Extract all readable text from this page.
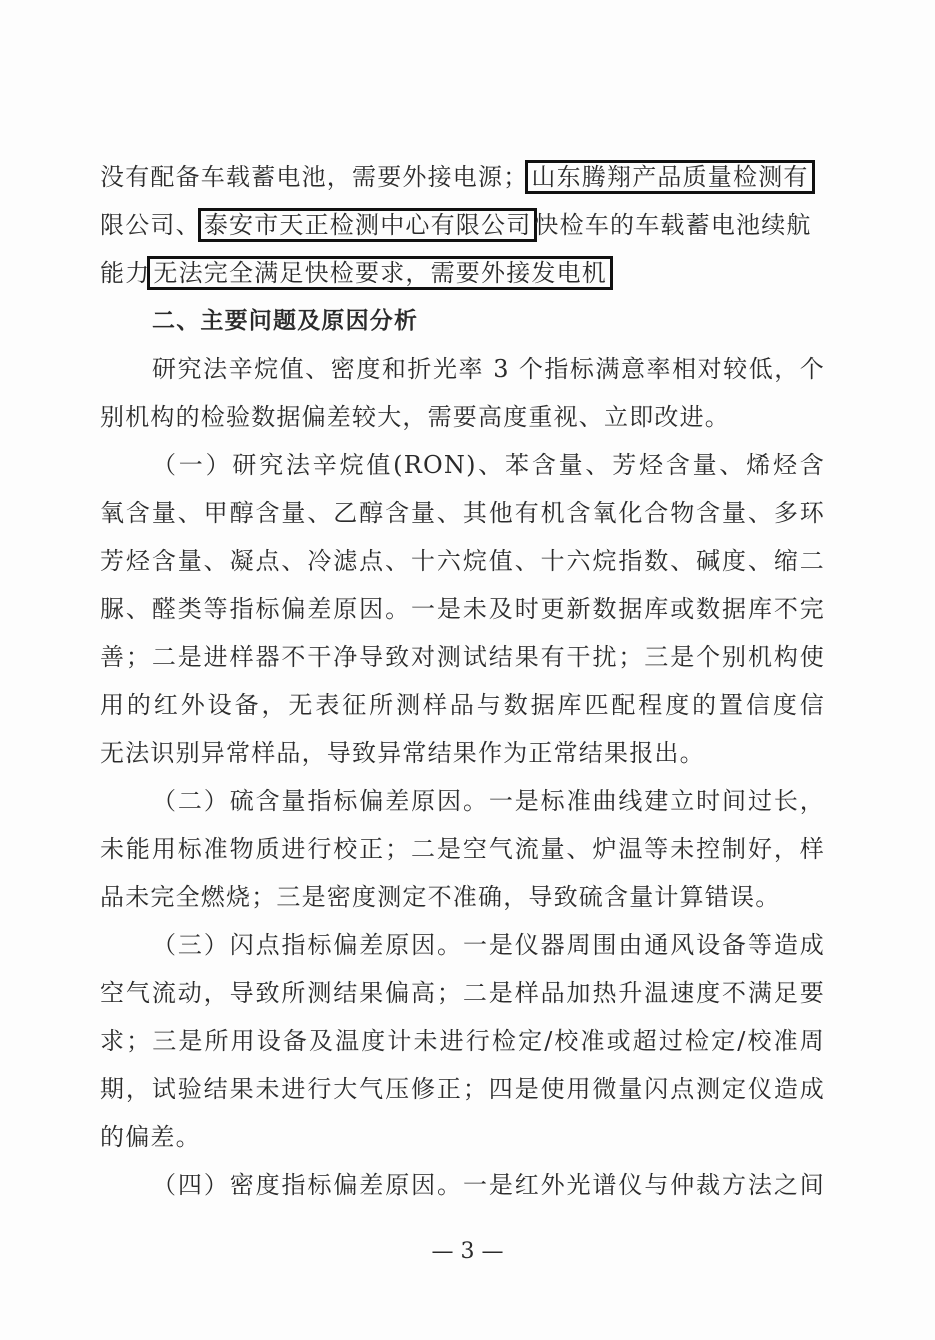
没有配备车载蓄电池，需要外接电源； 山东腾翔产品质量检测有
限公司、 泰安市天正检测中心有限公司 快检车的车载蓄电池续航
能力 无法完全满足快检要求，需要外接发电机
二、主要问题及原因分析
研究法辛烷值、密度和折光率 3 个指标满意率相对较低，个
别机构的检验数据偏差较大，需要高度重视、立即改进。
（一）研究法辛烷值(RON)、苯含量、芳烃含量、烯烃含
氧含量、甲醇含量、乙醇含量、其他有机含氧化合物含量、多环
芳烃含量、凝点、冷滤点、十六烷值、十六烷指数、碱度、缩二
脲、醛类等指标偏差原因。一是未及时更新数据库或数据库不完
善；二是进样器不干净导致对测试结果有干扰；三是个别机构使
用的红外设备，无表征所测样品与数据库匹配程度的置信度信
无法识别异常样品，导致异常结果作为正常结果报出。
（二）硫含量指标偏差原因。一是标准曲线建立时间过长，
未能用标准物质进行校正；二是空气流量、炉温等未控制好，样
品未完全燃烧；三是密度测定不准确，导致硫含量计算错误。
（三）闪点指标偏差原因。一是仪器周围由通风设备等造成
空气流动，导致所测结果偏高；二是样品加热升温速度不满足要
求；三是所用设备及温度计未进行检定/校准或超过检定/校准周
期，试验结果未进行大气压修正；四是使用微量闪点测定仪造成
的偏差。
（四）密度指标偏差原因。一是红外光谱仪与仲裁方法之间
— 3 —
